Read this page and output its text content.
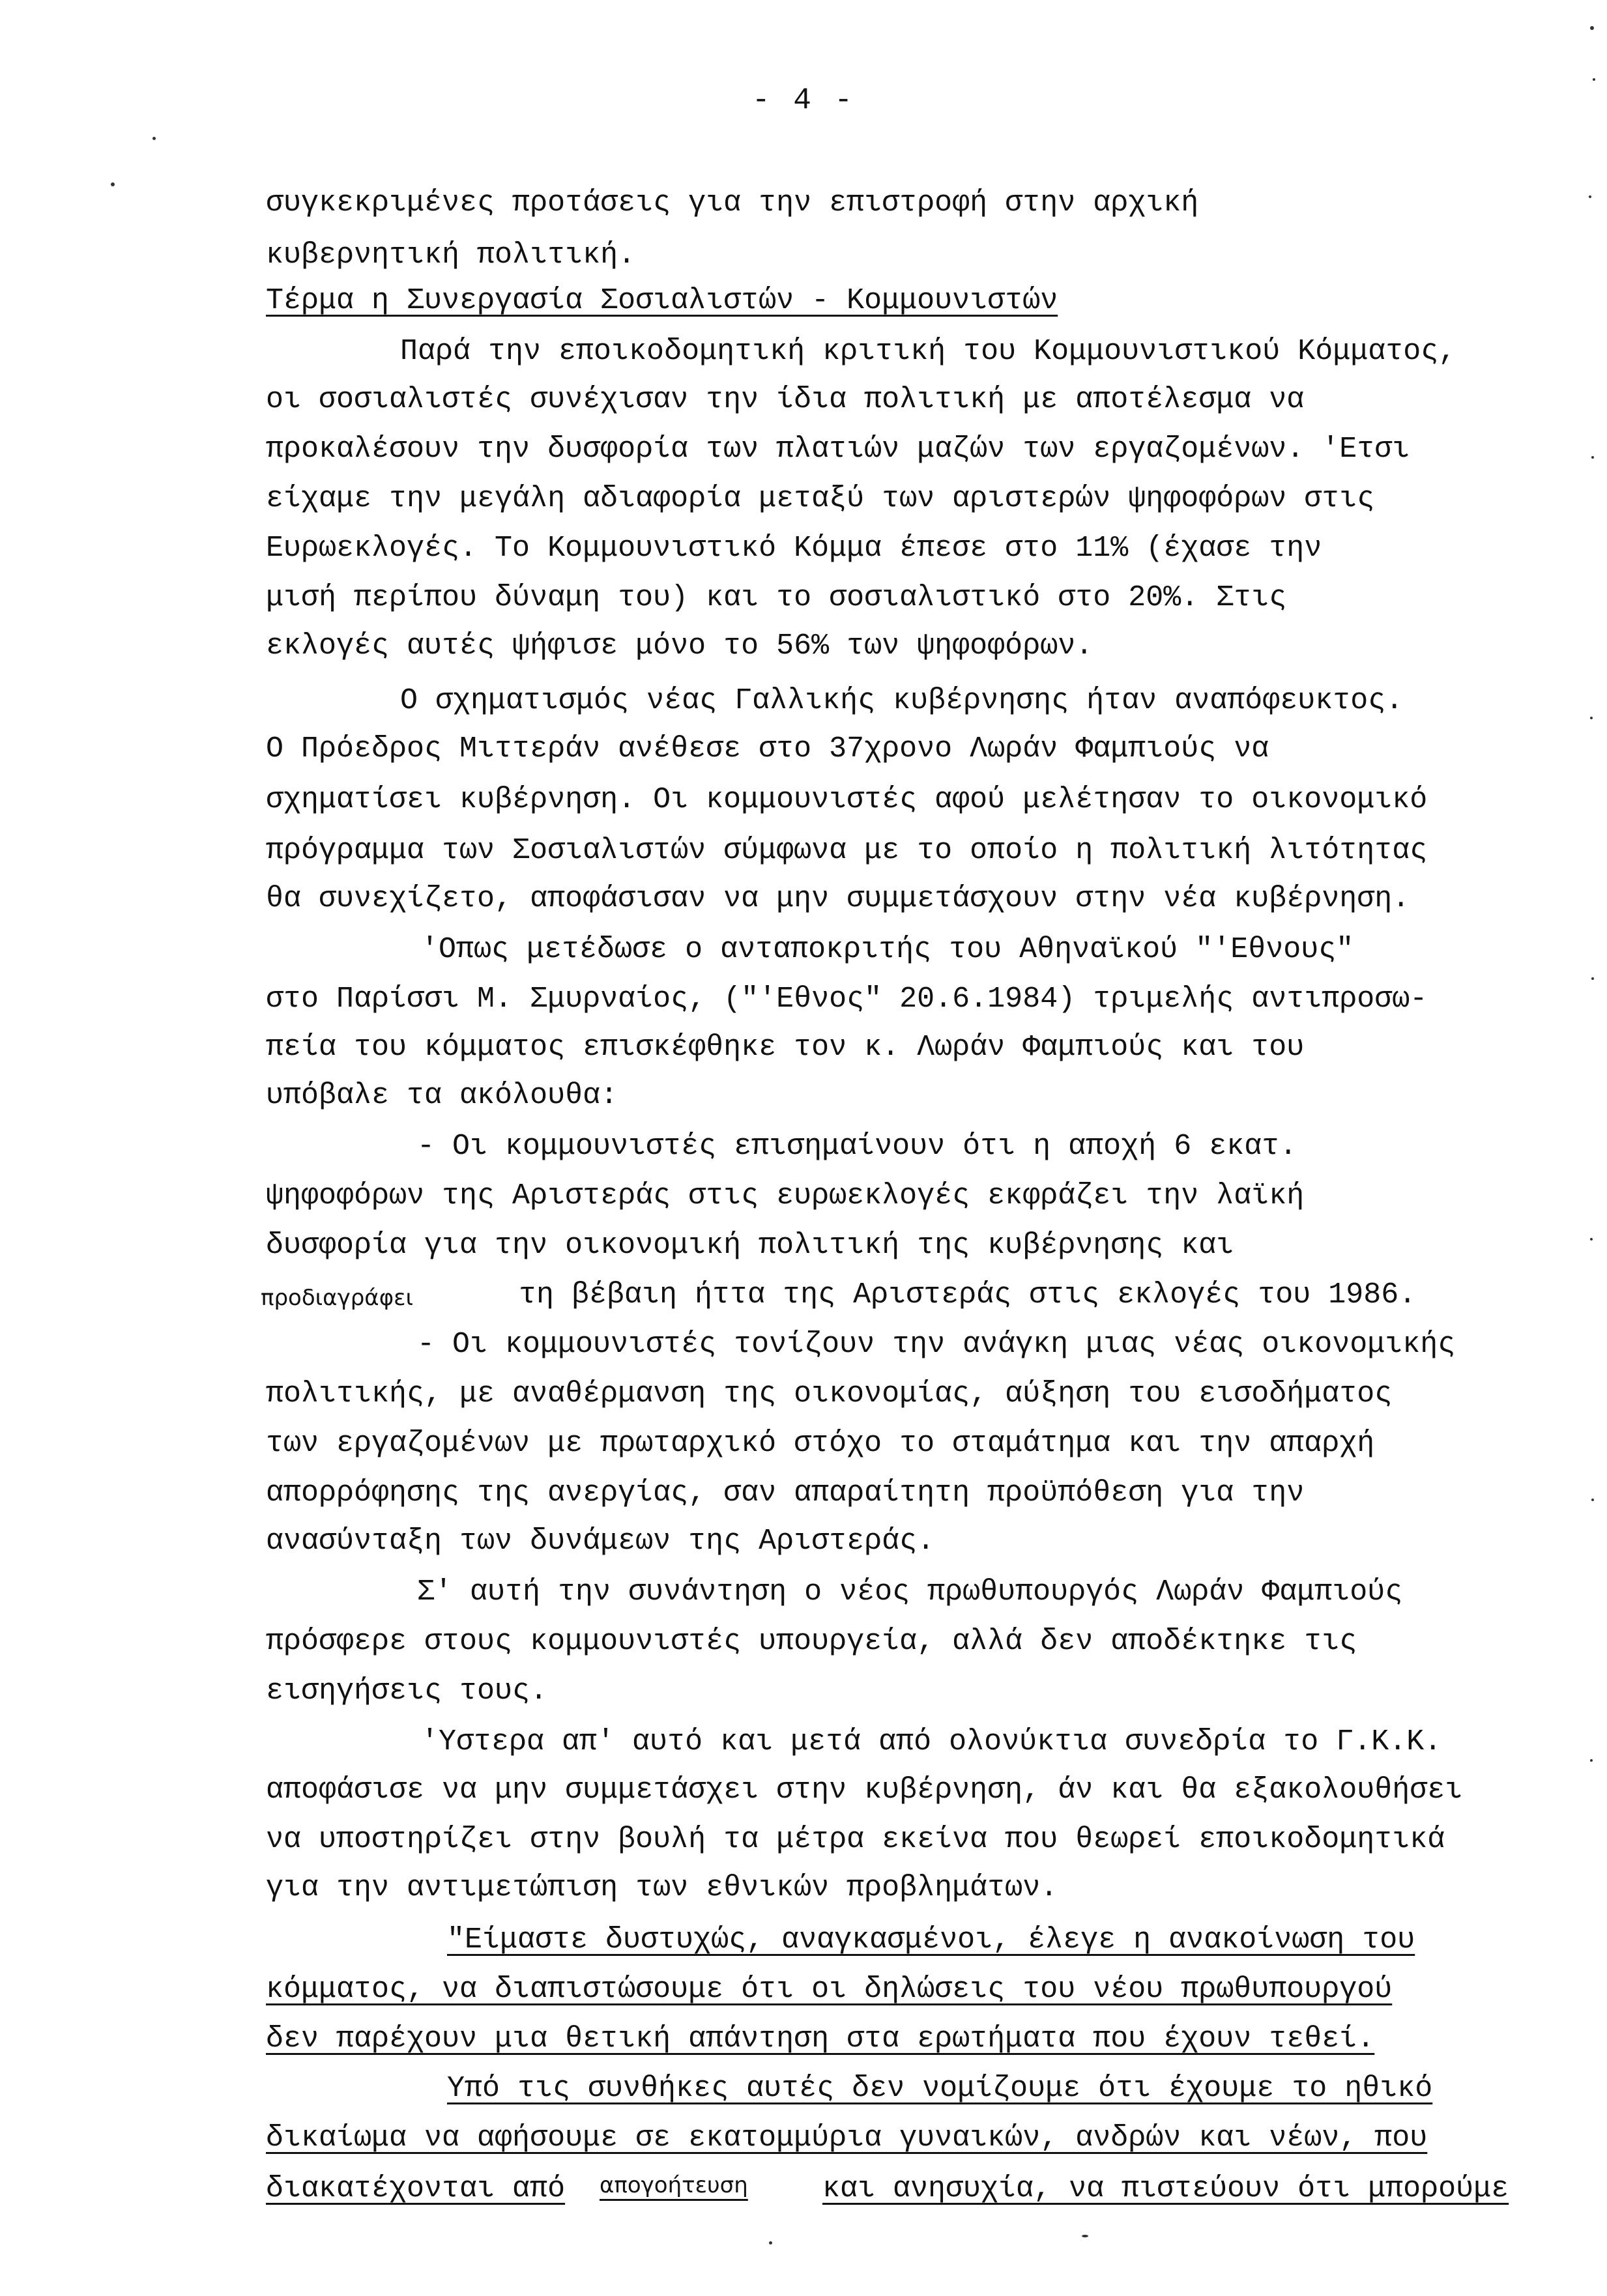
- 4 -
συγκεκριμένες προτάσεις για την επιστροφή στην αρχική
κυβερνητική πολιτική.
Τέρμα η Συνεργασία Σοσιαλιστών - Κομμουνιστών
Παρά την εποικοδομητική κριτική του Κομμουνιστικού Κόμματος,
οι σοσιαλιστές συνέχισαν την ίδια πολιτική με αποτέλεσμα να
προκαλέσουν την δυσφορία των πλατιών μαζών των εργαζομένων. 'Ετσι
είχαμε την μεγάλη αδιαφορία μεταξύ των αριστερών ψηφοφόρων στις
Ευρωεκλογές. Το Κομμουνιστικό Κόμμα έπεσε στο 11% (έχασε την
μισή περίπου δύναμη του) και το σοσιαλιστικό στο 20%. Στις
εκλογές αυτές ψήφισε μόνο το 56% των ψηφοφόρων.
Ο σχηματισμός νέας Γαλλικής κυβέρνησης ήταν αναπόφευκτος.
Ο Πρόεδρος Μιττεράν ανέθεσε στο 37χρονο Λωράν Φαμπιούς να
σχηματίσει κυβέρνηση. Οι κομμουνιστές αφού μελέτησαν το οικονομικό
πρόγραμμα των Σοσιαλιστών σύμφωνα με το οποίο η πολιτική λιτότητας
θα συνεχίζετο, αποφάσισαν να μην συμμετάσχουν στην νέα κυβέρνηση.
'Οπως μετέδωσε ο ανταποκριτής του Αθηναϊκού "'Εθνους"
στο Παρίσσι Μ. Σμυρναίος, ("'Εθνος" 20.6.1984) τριμελής αντιπροσω-
πεία του κόμματος επισκέφθηκε τον κ. Λωράν Φαμπιούς και του
υπόβαλε τα ακόλουθα:
- Οι κομμουνιστές επισημαίνουν ότι η αποχή 6 εκατ.
ψηφοφόρων της Αριστεράς στις ευρωεκλογές εκφράζει την λαϊκή
δυσφορία για την οικονομική πολιτική της κυβέρνησης και
προδιαγράφει	τη βέβαιη ήττα της Αριστεράς στις εκλογές του 1986.
- Οι κομμουνιστές τονίζουν την ανάγκη μιας νέας οικονομικής
πολιτικής, με αναθέρμανση της οικονομίας, αύξηση του εισοδήματος
των εργαζομένων με πρωταρχικό στόχο το σταμάτημα και την απαρχή
απορρόφησης της ανεργίας, σαν απαραίτητη προϋπόθεση για την
ανασύνταξη των δυνάμεων της Αριστεράς.
Σ' αυτή την συνάντηση ο νέος πρωθυπουργός Λωράν Φαμπιούς
πρόσφερε στους κομμουνιστές υπουργεία, αλλά δεν αποδέκτηκε τις
εισηγήσεις τους.
'Υστερα απ' αυτό και μετά από ολονύκτια συνεδρία το Γ.Κ.Κ.
αποφάσισε να μην συμμετάσχει στην κυβέρνηση, άν και θα εξακολουθήσει
να υποστηρίζει στην βουλή τα μέτρα εκείνα που θεωρεί εποικοδομητικά
για την αντιμετώπιση των εθνικών προβλημάτων.
"Είμαστε δυστυχώς, αναγκασμένοι, έλεγε η ανακοίνωση του
κόμματος, να διαπιστώσουμε ότι οι δηλώσεις του νέου πρωθυπουργού
δεν παρέχουν μια θετική απάντηση στα ερωτήματα που έχουν τεθεί.
Υπό τις συνθήκες αυτές δεν νομίζουμε ότι έχουμε το ηθικό
δικαίωμα να αφήσουμε σε εκατομμύρια γυναικών, ανδρών και νέων, που
διακατέχονται από απογοήτευση	και ανησυχία, να πιστεύουν ότι μπορούμε
